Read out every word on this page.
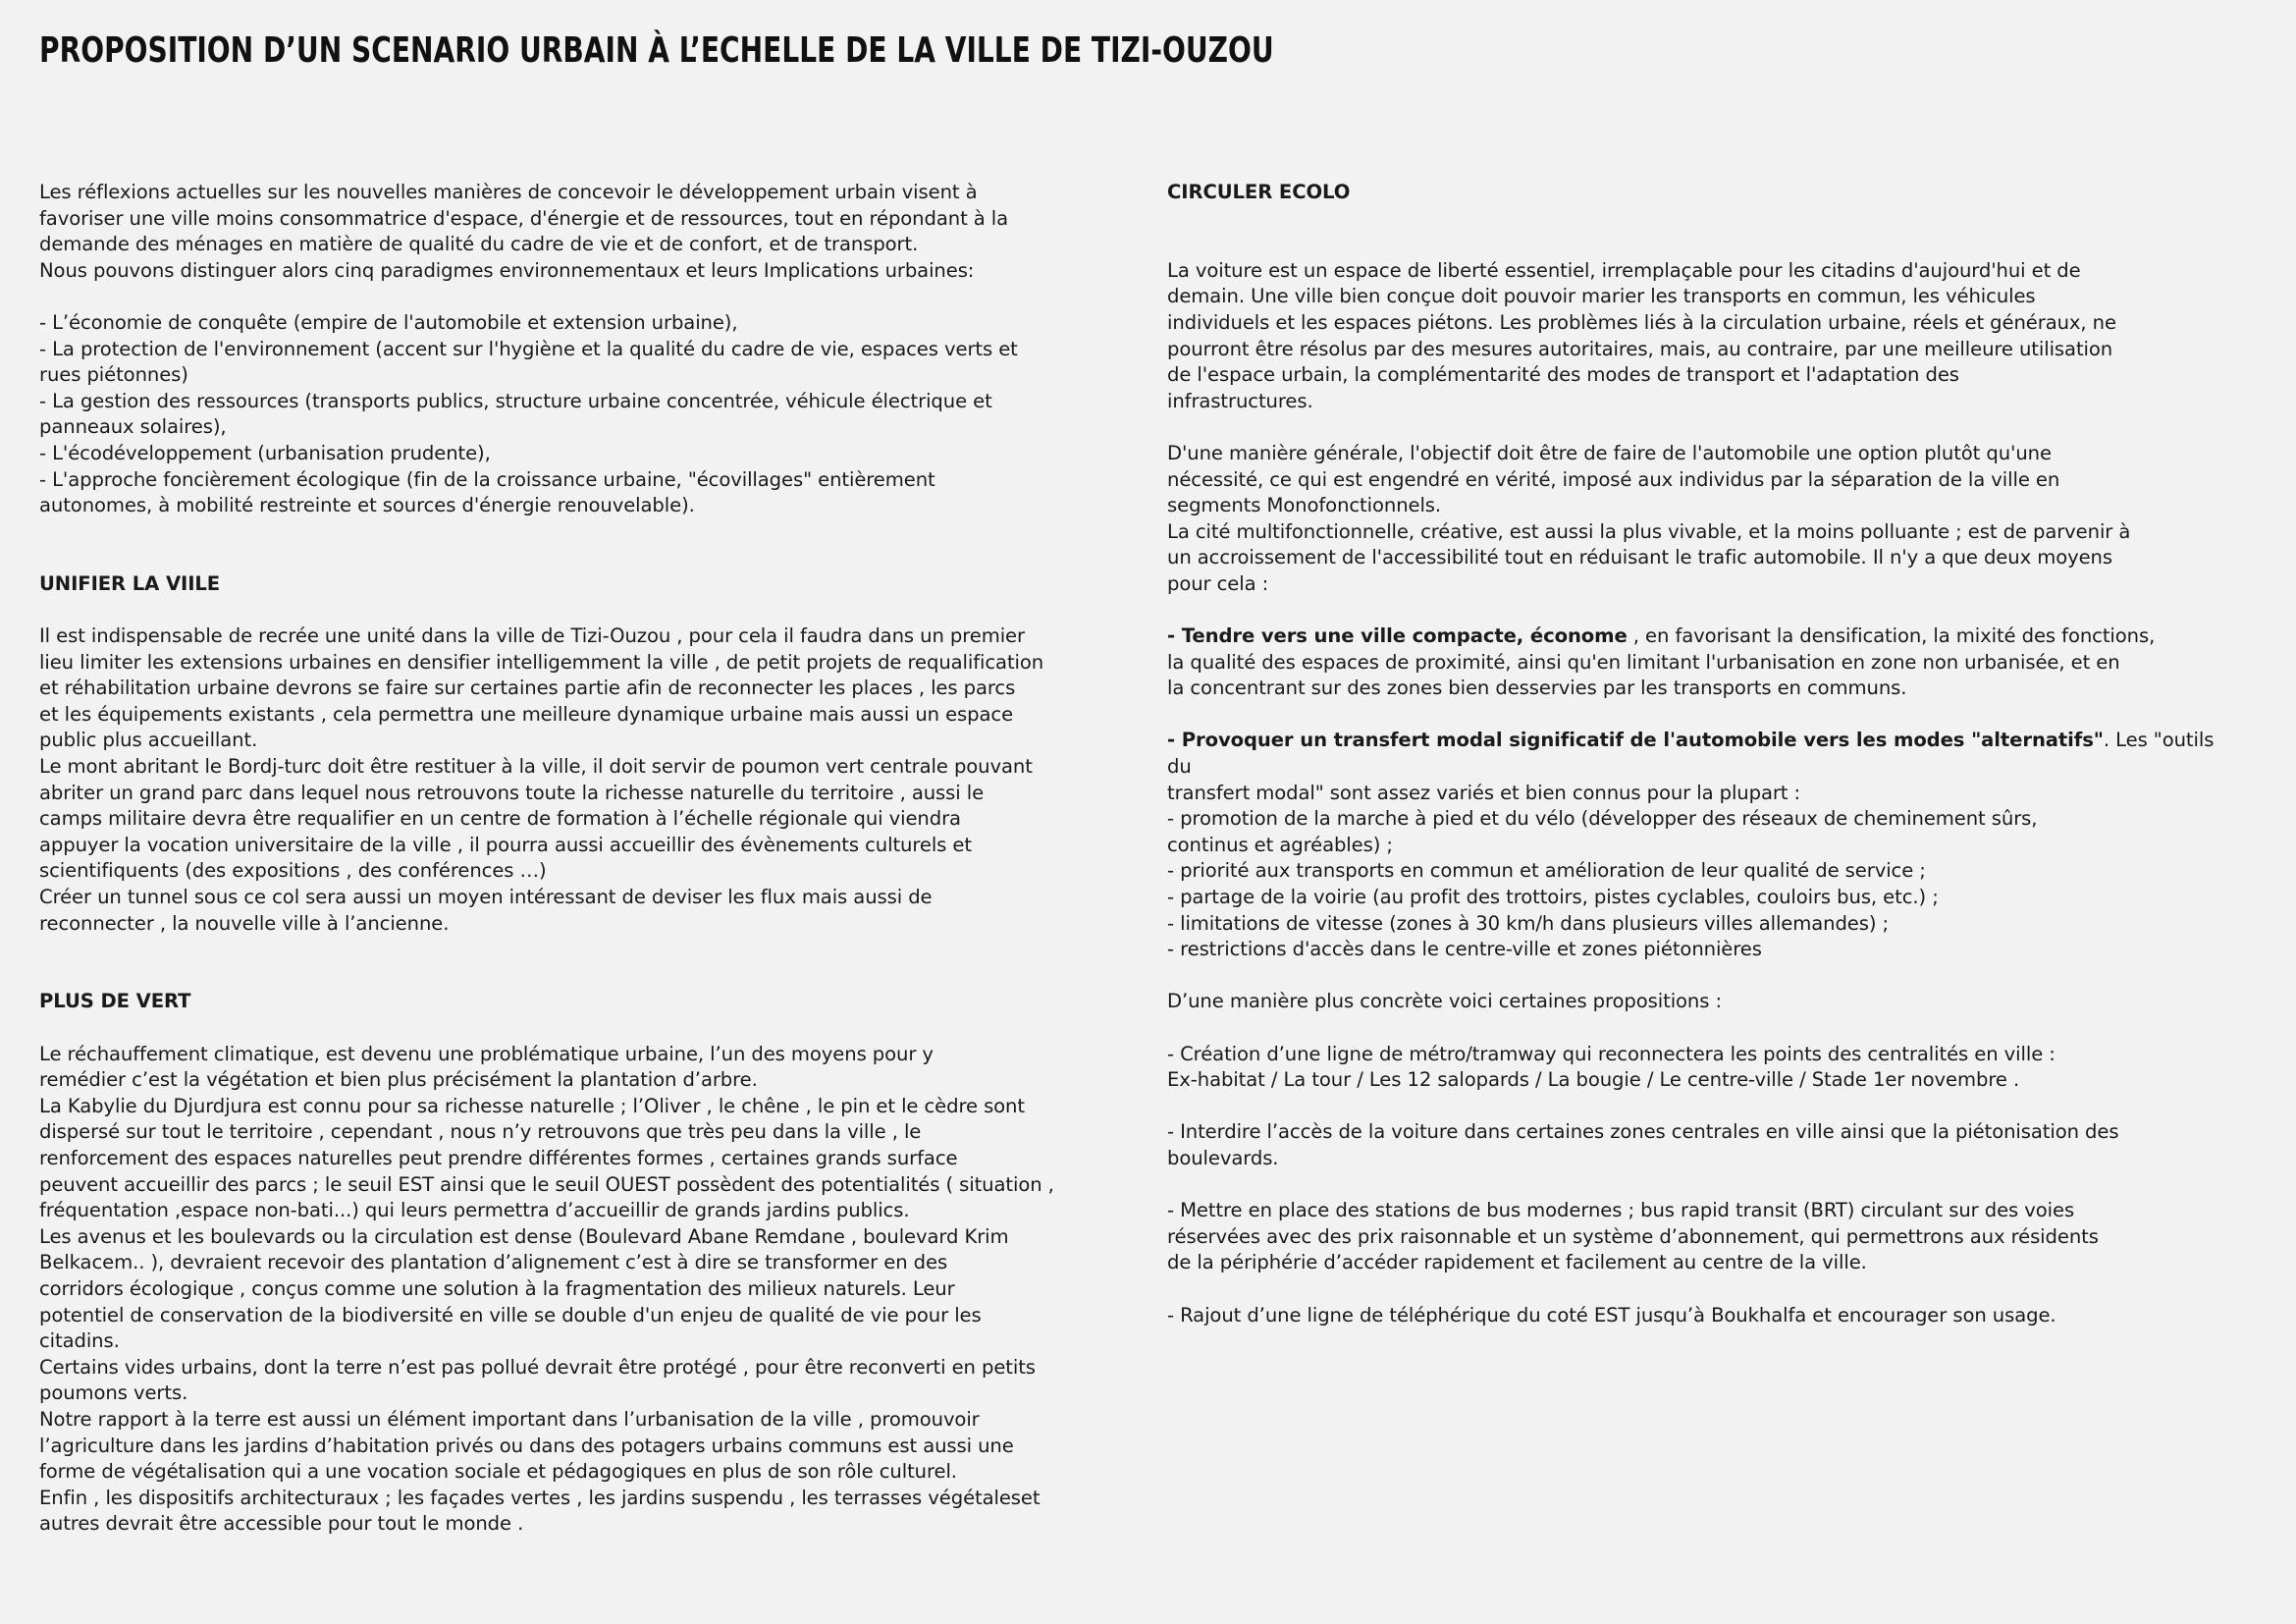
PROPOSITION D’UN SCENARIO URBAIN À L’ECHELLE DE LA VILLE DE TIZI-OUZOU

Les réflexions actuelles sur les nouvelles manières de concevoir le développement urbain visent à
favoriser une ville moins consommatrice d'espace, d'énergie et de ressources, tout en répondant à la
demande des ménages en matière de qualité du cadre de vie et de confort, et de transport.
Nous pouvons distinguer alors cinq paradigmes environnementaux et leurs Implications urbaines:

- L’économie de conquête (empire de l'automobile et extension urbaine),
- La protection de l'environnement (accent sur l'hygiène et la qualité du cadre de vie, espaces verts et
rues piétonnes)
- La gestion des ressources (transports publics, structure urbaine concentrée, véhicule électrique et
panneaux solaires),
- L'écodéveloppement (urbanisation prudente),
- L'approche foncièrement écologique (fin de la croissance urbaine, "écovillages" entièrement
autonomes, à mobilité restreinte et sources d'énergie renouvelable).

UNIFIER LA VIILE

Il est indispensable de recrée une unité dans la ville de Tizi-Ouzou , pour cela il faudra dans un premier
lieu limiter les extensions urbaines en densifier intelligemment la ville , de petit projets de requalification
et réhabilitation urbaine devrons se faire sur certaines partie afin de reconnecter les places , les parcs
et les équipements existants , cela permettra une meilleure dynamique urbaine mais aussi un espace
public plus accueillant.
Le mont abritant le Bordj-turc doit être restituer à la ville, il doit servir de poumon vert centrale pouvant
abriter un grand parc dans lequel nous retrouvons toute la richesse naturelle du territoire , aussi le
camps militaire devra être requalifier en un centre de formation à l’échelle régionale qui viendra
appuyer la vocation universitaire de la ville , il pourra aussi accueillir des évènements culturels et
scientifiquents (des expositions , des conférences …)
Créer un tunnel sous ce col sera aussi un moyen intéressant de deviser les flux mais aussi de
reconnecter , la nouvelle ville à l’ancienne.

PLUS DE VERT

Le réchauffement climatique, est devenu une problématique urbaine, l’un des moyens pour y
remédier c’est la végétation et bien plus précisément la plantation d’arbre.
La Kabylie du Djurdjura est connu pour sa richesse naturelle ; l’Oliver , le chêne , le pin et le cèdre sont
dispersé sur tout le territoire , cependant , nous n’y retrouvons que très peu dans la ville , le
renforcement des espaces naturelles peut prendre différentes formes , certaines grands surface
peuvent accueillir des parcs ; le seuil EST ainsi que le seuil OUEST possèdent des potentialités ( situation ,
fréquentation ,espace non-bati...) qui leurs permettra d’accueillir de grands jardins publics.
Les avenus et les boulevards ou la circulation est dense (Boulevard Abane Remdane , boulevard Krim
Belkacem.. ), devraient recevoir des plantation d’alignement c’est à dire se transformer en des
corridors écologique , conçus comme une solution à la fragmentation des milieux naturels. Leur
potentiel de conservation de la biodiversité en ville se double d'un enjeu de qualité de vie pour les
citadins.
Certains vides urbains, dont la terre n’est pas pollué devrait être protégé , pour être reconverti en petits
poumons verts.
Notre rapport à la terre est aussi un élément important dans l’urbanisation de la ville , promouvoir
l’agriculture dans les jardins d’habitation privés ou dans des potagers urbains communs est aussi une
forme de végétalisation qui a une vocation sociale et pédagogiques en plus de son rôle culturel.
Enfin , les dispositifs architecturaux ; les façades vertes , les jardins suspendu , les terrasses végétaleset
autres devrait être accessible pour tout le monde .

CIRCULER ECOLO

La voiture est un espace de liberté essentiel, irremplaçable pour les citadins d'aujourd'hui et de
demain. Une ville bien conçue doit pouvoir marier les transports en commun, les véhicules
individuels et les espaces piétons. Les problèmes liés à la circulation urbaine, réels et généraux, ne
pourront être résolus par des mesures autoritaires, mais, au contraire, par une meilleure utilisation
de l'espace urbain, la complémentarité des modes de transport et l'adaptation des
infrastructures.

D'une manière générale, l'objectif doit être de faire de l'automobile une option plutôt qu'une
nécessité, ce qui est engendré en vérité, imposé aux individus par la séparation de la ville en
segments Monofonctionnels.
La cité multifonctionnelle, créative, est aussi la plus vivable, et la moins polluante ; est de parvenir à
un accroissement de l'accessibilité tout en réduisant le trafic automobile. Il n'y a que deux moyens
pour cela :

- Tendre vers une ville compacte, économe , en favorisant la densification, la mixité des fonctions,
la qualité des espaces de proximité, ainsi qu'en limitant l'urbanisation en zone non urbanisée, et en
la concentrant sur des zones bien desservies par les transports en communs.

- Provoquer un transfert modal significatif de l'automobile vers les modes "alternatifs". Les "outils du
transfert modal" sont assez variés et bien connus pour la plupart :
- promotion de la marche à pied et du vélo (développer des réseaux de cheminement sûrs,
continus et agréables) ;
- priorité aux transports en commun et amélioration de leur qualité de service ;
- partage de la voirie (au profit des trottoirs, pistes cyclables, couloirs bus, etc.) ;
- limitations de vitesse (zones à 30 km/h dans plusieurs villes allemandes) ;
- restrictions d'accès dans le centre-ville et zones piétonnières

D’une manière plus concrète voici certaines propositions :

- Création d’une ligne de métro/tramway qui reconnectera les points des centralités en ville :
Ex-habitat / La tour / Les 12 salopards / La bougie / Le centre-ville / Stade 1er novembre .

- Interdire l’accès de la voiture dans certaines zones centrales en ville ainsi que la piétonisation des
boulevards.

- Mettre en place des stations de bus modernes ; bus rapid transit (BRT) circulant sur des voies
réservées avec des prix raisonnable et un système d’abonnement, qui permettrons aux résidents
de la périphérie d’accéder rapidement et facilement au centre de la ville.

- Rajout d’une ligne de téléphérique du coté EST jusqu’à Boukhalfa et encourager son usage.
